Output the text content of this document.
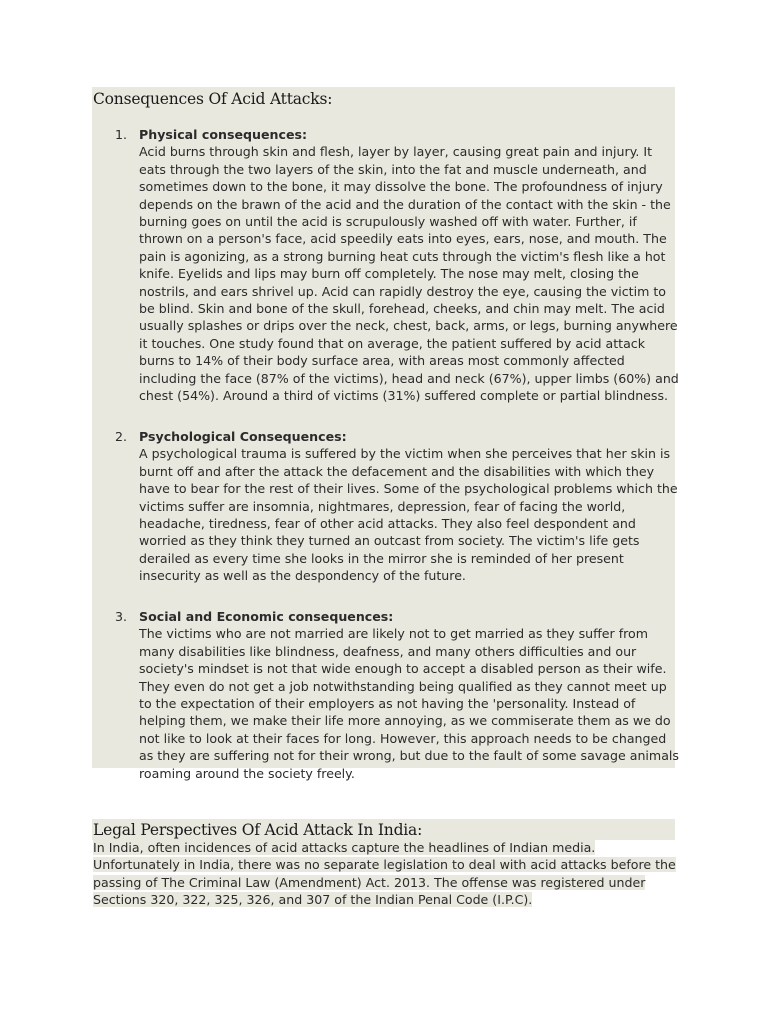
Consequences Of Acid Attacks:
1. Physical consequences:
Acid burns through skin and flesh, layer by layer, causing great pain and injury. It
eats through the two layers of the skin, into the fat and muscle underneath, and
sometimes down to the bone, it may dissolve the bone. The profoundness of injury
depends on the brawn of the acid and the duration of the contact with the skin - the
burning goes on until the acid is scrupulously washed off with water. Further, if
thrown on a person's face, acid speedily eats into eyes, ears, nose, and mouth. The
pain is agonizing, as a strong burning heat cuts through the victim's flesh like a hot
knife. Eyelids and lips may burn off completely. The nose may melt, closing the
nostrils, and ears shrivel up. Acid can rapidly destroy the eye, causing the victim to
be blind. Skin and bone of the skull, forehead, cheeks, and chin may melt. The acid
usually splashes or drips over the neck, chest, back, arms, or legs, burning anywhere
it touches. One study found that on average, the patient suffered by acid attack
burns to 14% of their body surface area, with areas most commonly affected
including the face (87% of the victims), head and neck (67%), upper limbs (60%) and
chest (54%). Around a third of victims (31%) suffered complete or partial blindness.
2. Psychological Consequences:
A psychological trauma is suffered by the victim when she perceives that her skin is
burnt off and after the attack the defacement and the disabilities with which they
have to bear for the rest of their lives. Some of the psychological problems which the
victims suffer are insomnia, nightmares, depression, fear of facing the world,
headache, tiredness, fear of other acid attacks. They also feel despondent and
worried as they think they turned an outcast from society. The victim's life gets
derailed as every time she looks in the mirror she is reminded of her present
insecurity as well as the despondency of the future.
3. Social and Economic consequences:
The victims who are not married are likely not to get married as they suffer from
many disabilities like blindness, deafness, and many others difficulties and our
society's mindset is not that wide enough to accept a disabled person as their wife.
They even do not get a job notwithstanding being qualified as they cannot meet up
to the expectation of their employers as not having the 'personality. Instead of
helping them, we make their life more annoying, as we commiserate them as we do
not like to look at their faces for long. However, this approach needs to be changed
as they are suffering not for their wrong, but due to the fault of some savage animals
roaming around the society freely.
Legal Perspectives Of Acid Attack In India:

In India, often incidences of acid attacks capture the headlines of Indian media.
Unfortunately in India, there was no separate legislation to deal with acid attacks before the
passing of The Criminal Law (Amendment) Act. 2013. The offense was registered under
Sections 320, 322, 325, 326, and 307 of the Indian Penal Code (I.P.C).
